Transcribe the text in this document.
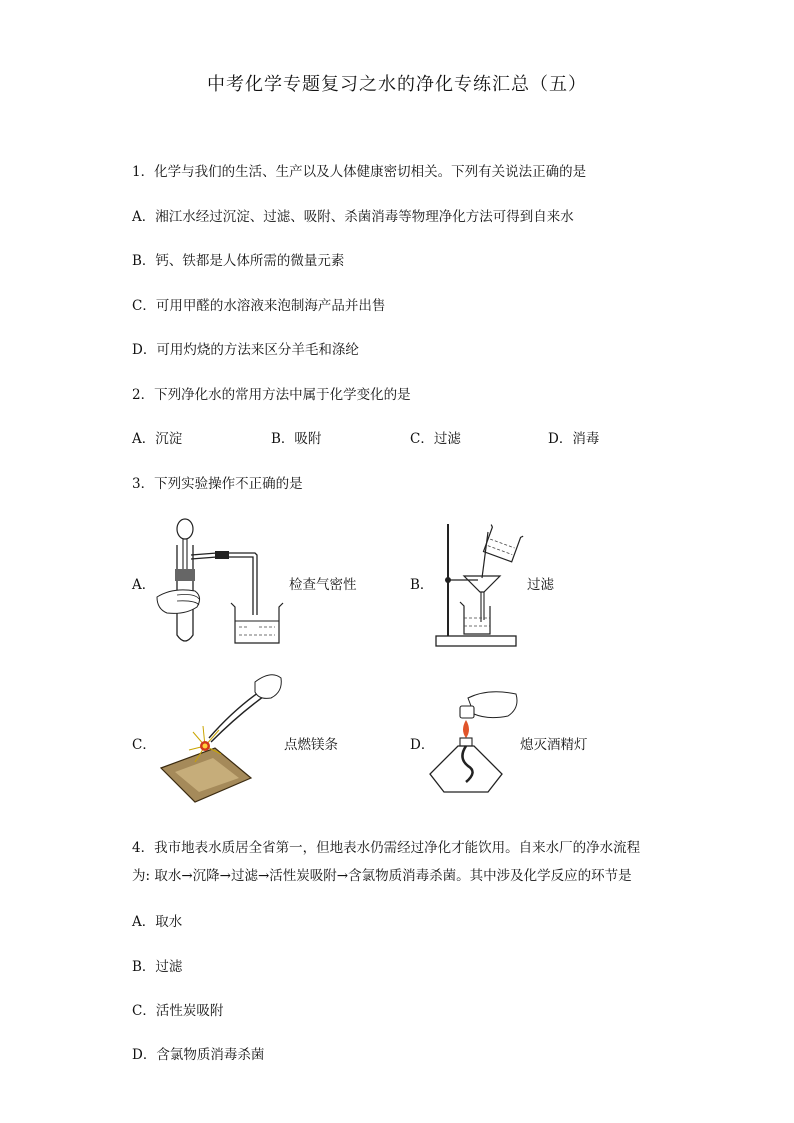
中考化学专题复习之水的净化专练汇总（五）
1．化学与我们的生活、生产以及人体健康密切相关。下列有关说法正确的是
A．湘江水经过沉淀、过滤、吸附、杀菌消毒等物理净化方法可得到自来水
B．钙、铁都是人体所需的微量元素
C．可用甲醛的水溶液来泡制海产品并出售
D．可用灼烧的方法来区分羊毛和涤纶
2．下列净化水的常用方法中属于化学变化的是
A．沉淀	B．吸附	C．过滤	D．消毒
3．下列实验操作不正确的是
A．	检查气密性	B．	过滤
C．	点燃镁条	D．	熄灭酒精灯
4．我市地表水质居全省第一，但地表水仍需经过净化才能饮用。自来水厂的净水流程
为: 取水→沉降→过滤→活性炭吸附→含氯物质消毒杀菌。其中涉及化学反应的环节是
A．取水
B．过滤
C．活性炭吸附
D．含氯物质消毒杀菌
